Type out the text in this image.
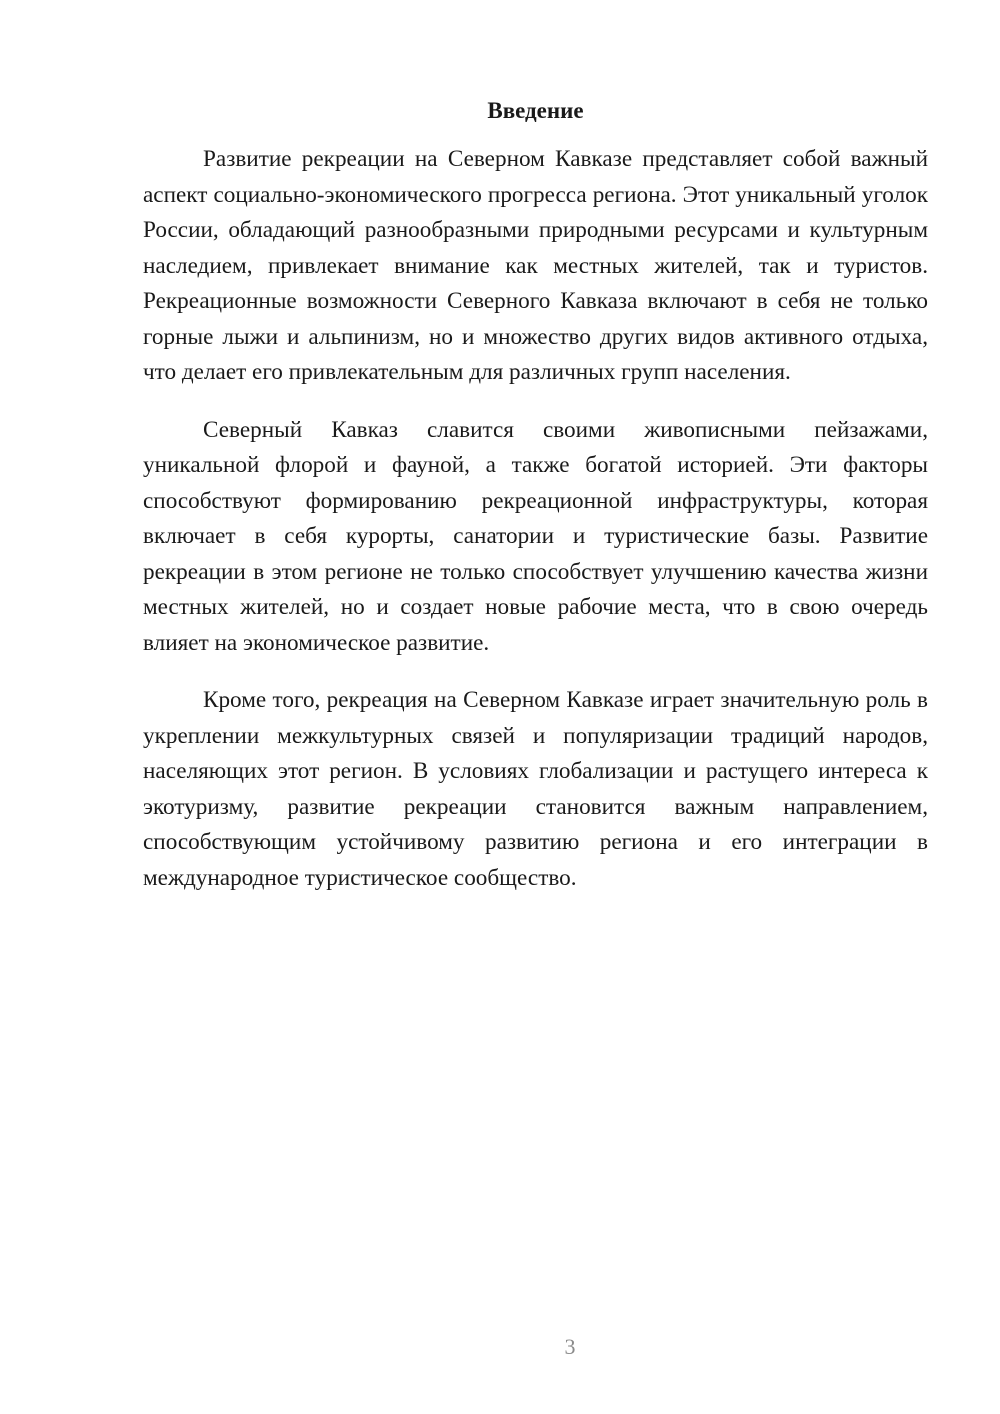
Введение

Развитие рекреации на Северном Кавказе представляет собой важный аспект социально-экономического прогресса региона. Этот уникальный уголок России, обладающий разнообразными природными ресурсами и культурным наследием, привлекает внимание как местных жителей, так и туристов. Рекреационные возможности Северного Кавказа включают в себя не только горные лыжи и альпинизм, но и множество других видов активного отдыха, что делает его привлекательным для различных групп населения.

Северный Кавказ славится своими живописными пейзажами, уникальной флорой и фауной, а также богатой историей. Эти факторы способствуют формированию рекреационной инфраструктуры, которая включает в себя курорты, санатории и туристические базы. Развитие рекреации в этом регионе не только способствует улучшению качества жизни местных жителей, но и создает новые рабочие места, что в свою очередь влияет на экономическое развитие.

Кроме того, рекреация на Северном Кавказе играет значительную роль в укреплении межкультурных связей и популяризации традиций народов, населяющих этот регион. В условиях глобализации и растущего интереса к экотуризму, развитие рекреации становится важным направлением, способствующим устойчивому развитию региона и его интеграции в международное туристическое сообщество.

3
